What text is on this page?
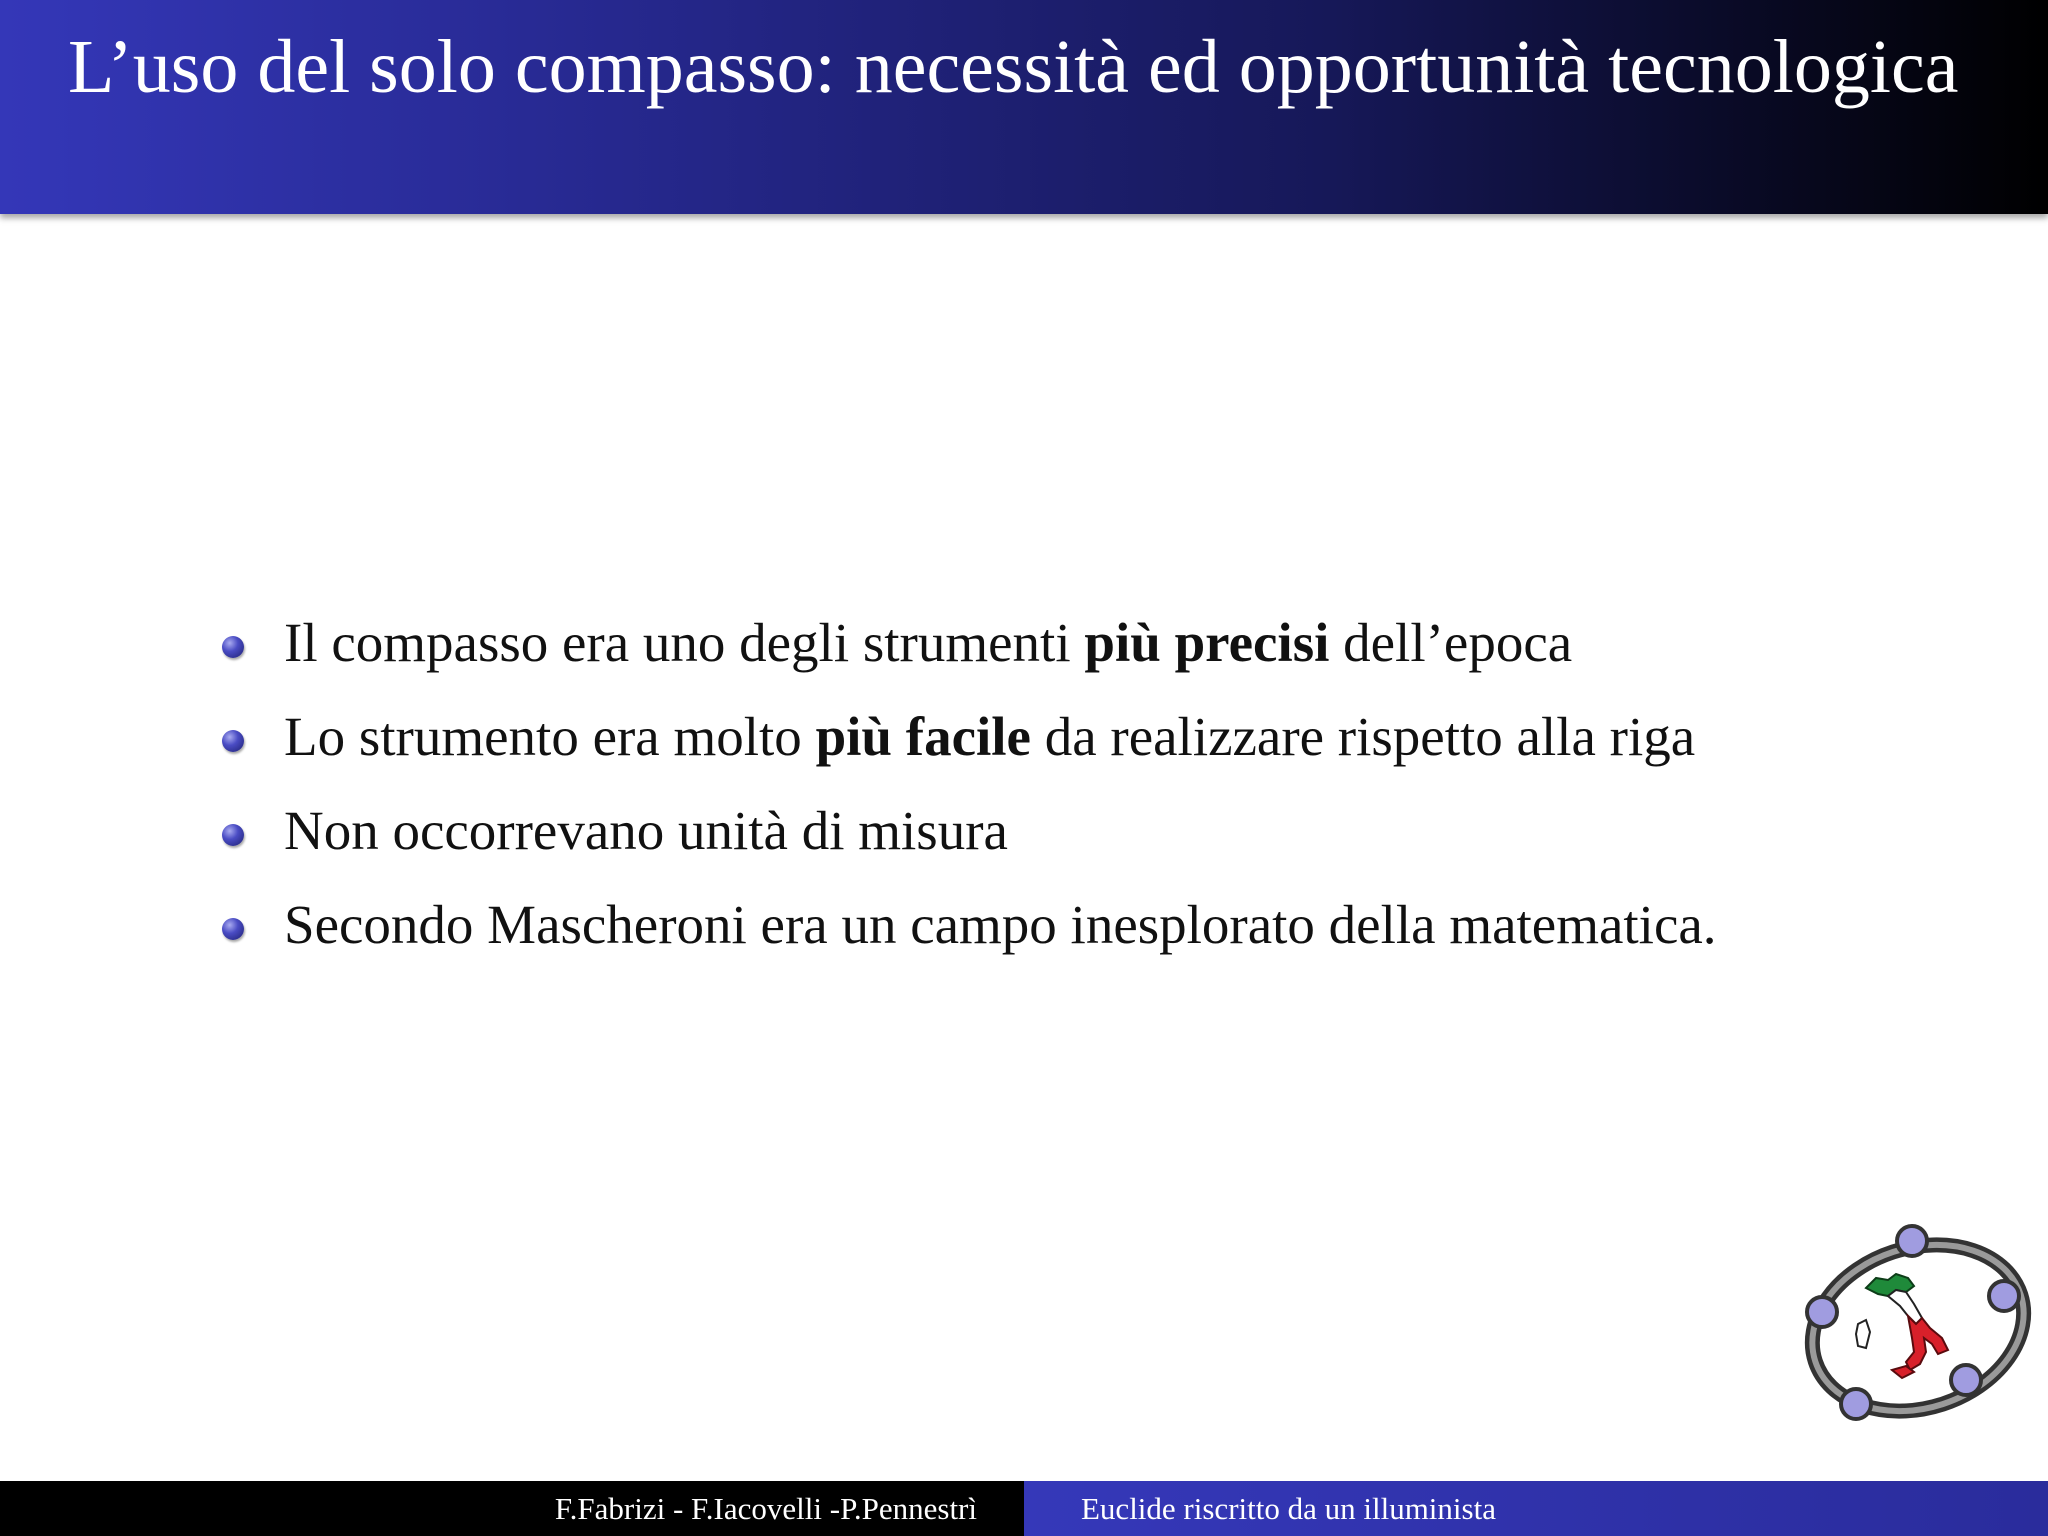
L’uso del solo compasso: necessità ed opportunità tecnologica
Il compasso era uno degli strumenti più precisi dell’epoca
Lo strumento era molto più facile da realizzare rispetto alla riga
Non occorrevano unità di misura
Secondo Mascheroni era un campo inesplorato della matematica.
F.Fabrizi - F.Iacovelli -P.Pennestrì	Euclide riscritto da un illuminista
